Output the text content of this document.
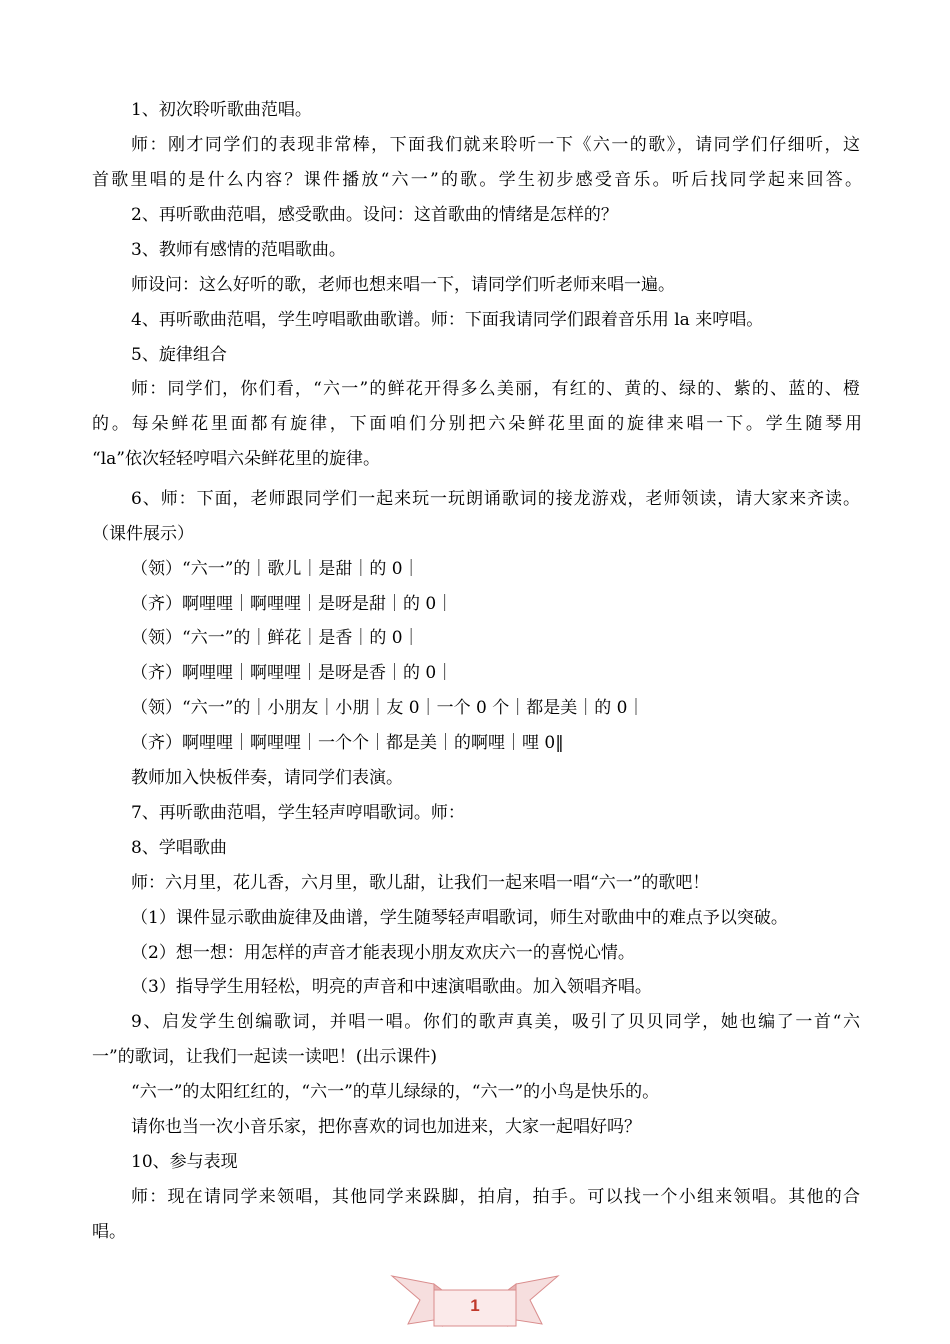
1、初次聆听歌曲范唱。
师：刚才同学们的表现非常棒，下面我们就来聆听一下《六一的歌》，请同学们仔细听，这
首歌里唱的是什么内容？课件播放“六一”的歌。学生初步感受音乐。听后找同学起来回答。
2、再听歌曲范唱，感受歌曲。设问：这首歌曲的情绪是怎样的？
3、教师有感情的范唱歌曲。
师设问：这么好听的歌，老师也想来唱一下，请同学们听老师来唱一遍。
4、再听歌曲范唱，学生哼唱歌曲歌谱。师：下面我请同学们跟着音乐用 la 来哼唱。
5、旋律组合
师：同学们，你们看，“六一”的鲜花开得多么美丽，有红的、黄的、绿的、紫的、蓝的、橙
的。每朵鲜花里面都有旋律，下面咱们分别把六朵鲜花里面的旋律来唱一下。学生随琴用
“la”依次轻轻哼唱六朵鲜花里的旋律。
6、师：下面，老师跟同学们一起来玩一玩朗诵歌词的接龙游戏，老师领读，请大家来齐读。
（课件展示）
（领）“六一”的｜歌儿｜是甜｜的 0｜
（齐）啊哩哩｜啊哩哩｜是呀是甜｜的 0｜
（领）“六一”的｜鲜花｜是香｜的 0｜
（齐）啊哩哩｜啊哩哩｜是呀是香｜的 0｜
（领）“六一”的｜小朋友｜小朋｜友 0｜一个 0 个｜都是美｜的 0｜
（齐）啊哩哩｜啊哩哩｜一个个｜都是美｜的啊哩｜哩 0‖
教师加入快板伴奏，请同学们表演。
7、再听歌曲范唱，学生轻声哼唱歌词。师：
8、学唱歌曲
师：六月里，花儿香，六月里，歌儿甜，让我们一起来唱一唱“六一”的歌吧！
（1）课件显示歌曲旋律及曲谱，学生随琴轻声唱歌词，师生对歌曲中的难点予以突破。
（2）想一想：用怎样的声音才能表现小朋友欢庆六一的喜悦心情。
（3）指导学生用轻松，明亮的声音和中速演唱歌曲。加入领唱齐唱。
9、启发学生创编歌词，并唱一唱。你们的歌声真美，吸引了贝贝同学，她也编了一首“六
一”的歌词，让我们一起读一读吧！(出示课件)
“六一”的太阳红红的，“六一”的草儿绿绿的，“六一”的小鸟是快乐的。
请你也当一次小音乐家，把你喜欢的词也加进来，大家一起唱好吗？
10、参与表现
师：现在请同学来领唱，其他同学来跺脚，拍肩，拍手。可以找一个小组来领唱。其他的合
唱。
1
